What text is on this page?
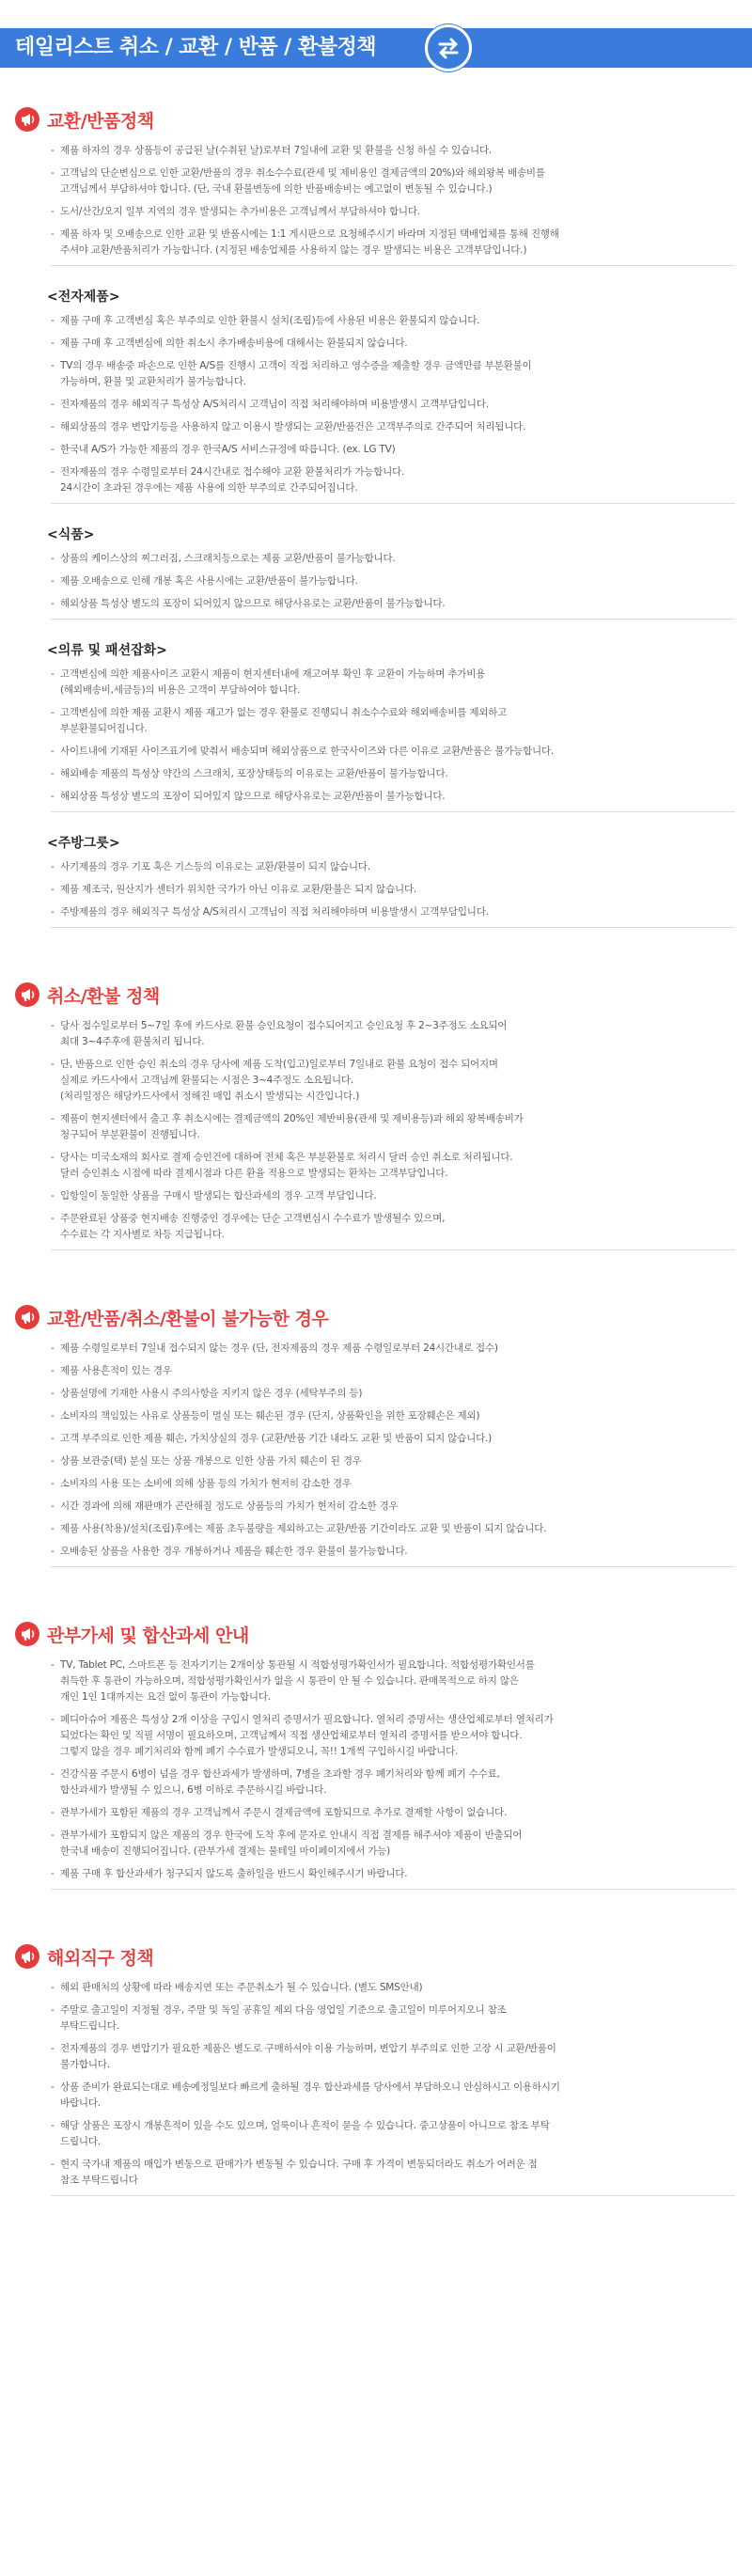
테일리스트 취소 / 교환 / 반품 / 환불정책
교환/반품정책
- 제품 하자의 경우 상품등이 공급된 날(수취된 날)로부터 7일내에 교환 및 환불을 신청 하실 수 있습니다.
- 고객님의 단순변심으로 인한 교환/반품의 경우 취소수수료(관세 및 제비용인 결제금액의 20%)와 해외왕복 배송비를
고객님께서 부담하셔야 합니다. (단, 국내 환불변동에 의한 반품배송비는 예고없이 변동될 수 있습니다.)
- 도서/산간/오지 일부 지역의 경우 발생되는 추가비용은 고객님께서 부담하셔야 합니다.
- 제품 하자 및 오배송으로 인한 교환 및 반품시에는 1:1 게시판으로 요청해주시기 바라며 지정된 택배업체를 통해 진행해
주셔야 교환/반품처리가 가능합니다. (지정된 배송업체를 사용하지 않는 경우 발생되는 비용은 고객부담입니다.)
<전자제품>
- 제품 구매 후 고객변심 혹은 부주의로 인한 환불시 설치(조립)등에 사용된 비용은 환불되지 않습니다.
- 제품 구매 후 고객변심에 의한 취소시 추가배송비용에 대해서는 환불되지 않습니다.
- TV의 경우 배송중 파손으로 인한 A/S를 진행시 고객이 직접 처리하고 영수증을 제출할 경우 금액만큼 부분환불이
가능하며, 환불 및 교환처리가 불가능합니다.
- 전자제품의 경우 해외직구 특성상 A/S처리시 고객님이 직접 처리해야하며 비용발생시 고객부담입니다.
- 해외상품의 경우 변압기등을 사용하지 않고 이용시 발생되는 교환/반품건은 고객부주의로 간주되어 처리됩니다.
- 한국내 A/S가 가능한 제품의 경우 한국A/S 서비스규정에 따릅니다. (ex. LG TV)
- 전자제품의 경우 수령일로부터 24시간내로 접수해야 교환 환불처리가 가능합니다.
24시간이 초과된 경우에는 제품 사용에 의한 부주의로 간주되어집니다.
<식품>
- 상품의 케이스상의 찌그러짐, 스크래치등으로는 제품 교환/반품이 불가능합니다.
- 제품 오배송으로 인해 개봉 혹은 사용시에는 교환/반품이 불가능합니다.
- 해외상품 특성상 별도의 포장이 되어있지 않으므로 해당사유로는 교환/반품이 불가능합니다.
<의류 및 패션잡화>
- 고객변심에 의한 제품사이즈 교환시 제품이 현지센터내에 재고여부 확인 후 교환이 가능하며 추가비용
(해외배송비,세금등)의 비용은 고객이 부담하여야 합니다.
- 고객변심에 의한 제품 교환시 제품 재고가 없는 경우 환불로 진행되니 취소수수료와 해외배송비를 제외하고
부분환불되어집니다.
- 사이트내에 기재된 사이즈표기에 맞춰서 배송되며 해외상품으로 한국사이즈와 다른 이유로 교환/반품은 불가능합니다.
- 해외배송 제품의 특성상 약간의 스크래치, 포장상태등의 이유로는 교환/반품이 불가능합니다.
- 해외상품 특성상 별도의 포장이 되어있지 않으므로 해당사유로는 교환/반품이 불가능합니다.
<주방그릇>
- 사기제품의 경우 기포 혹은 기스등의 이유로는 교환/환불이 되지 않습니다.
- 제품 제조국, 원산지가 센터가 위치한 국가가 아닌 이유로 교환/환불은 되지 않습니다.
- 주방제품의 경우 해외직구 특성상 A/S처리시 고객님이 직접 처리해야하며 비용발생시 고객부담입니다.
취소/환불 정책
- 당사 접수일로부터 5~7일 후에 카드사로 환불 승인요청이 접수되어지고 승인요청 후 2~3주정도 소요되어
최대 3~4주후에 환불처리 됩니다.
- 단, 반품으로 인한 승인 취소의 경우 당사에 제품 도착(입고)일로부터 7일내로 환불 요청이 접수 되어지며
실제로 카드사에서 고객님께 환불되는 시점은 3~4주정도 소요됩니다.
(처리일정은 해당카드사에서 정해진 매입 취소시 발생되는 시간입니다.)
- 제품이 현지센터에서 출고 후 취소시에는 결제금액의 20%인 제반비용(관세 및 제비용등)과 해외 왕복배송비가
청구되어 부분환불이 진행됩니다.
- 당사는 미국소재의 회사로 결제 승인건에 대하여 전체 혹은 부분환불로 처리시 달러 승인 취소로 처리됩니다.
달러 승인취소 시점에 따라 결제시점과 다른 환율 적용으로 발생되는 환차는 고객부담입니다.
- 입항일이 동일한 상품을 구매시 발생되는 합산과세의 경우 고객 부담입니다.
- 주문완료된 상품중 현지배송 진행중인 경우에는 단순 고객변심시 수수료가 발생될수 있으며,
수수료는 각 지사별로 차등 지급됩니다.
교환/반품/취소/환불이 불가능한 경우
- 제품 수령일로부터 7일내 접수되지 않는 경우 (단, 전자제품의 경우 제품 수령일로부터 24시간내로 접수)
- 제품 사용흔적이 있는 경우
- 상품설명에 기재한 사용시 주의사항을 지키지 않은 경우 (세탁부주의 등)
- 소비자의 책임있는 사유로 상품등이 멸실 또는 훼손된 경우 (단지, 상품확인을 위한 포장훼손은 제외)
- 고객 부주의로 인한 제품 훼손, 가치상실의 경우 (교환/반품 기간 내라도 교환 및 반품이 되지 않습니다.)
- 상품 보관중(택) 분실 또는 상품 개봉으로 인한 상품 가치 훼손이 된 경우
- 소비자의 사용 또는 소비에 의해 상품 등의 가치가 현저히 감소한 경우
- 시간 경과에 의해 재판매가 곤란해질 정도로 상품등의 가치가 현저히 감소한 경우
- 제품 사용(착용)/설치(조립)후에는 제품 초두불량을 제외하고는 교환/반품 기간이라도 교환 및 반품이 되지 않습니다.
- 오배송된 상품을 사용한 경우 개봉하거나 제품을 훼손한 경우 환불이 불가능합니다.
관부가세 및 합산과세 안내
- TV, Tablet PC, 스마트폰 등 전자기기는 2개이상 통관될 시 적합성평가확인서가 필요합니다. 적합성평가확인서를
취득한 후 통관이 가능하오며, 적합성평가확인서가 없을 시 통관이 안 될 수 있습니다. 판매목적으로 하지 않은
개인 1인 1대까지는 요건 없이 통관이 가능합니다.
- 페디아슈어 제품은 특성상 2개 이상을 구입시 열처리 증명서가 필요합니다. 열처리 증명서는 생산업체로부터 열처리가
되었다는 확인 및 직필 서명이 필요하오며, 고객님께서 직접 생산업체로부터 열처리 증명서를 받으셔야 합니다.
그렇지 않을 경우 폐기처리와 함께 폐기 수수료가 발생되오니, 꼭!! 1개씩 구입하시길 바랍니다.
- 건강식품 주문시 6병이 넘을 경우 합산과세가 발생하며, 7병을 초과할 경우 폐기처리와 함께 폐기 수수료,
합산과세가 발생될 수 있으니, 6병 이하로 주문하시길 바랍니다.
- 관부가세가 포함된 제품의 경우 고객님께서 주문시 결제금액에 포함되므로 추가로 결제할 사항이 없습니다.
- 관부가세가 포함되지 않은 제품의 경우 한국에 도착 후에 문자로 안내시 직접 결제를 해주셔야 제품이 반출되어
한국내 배송이 진행되어집니다. (관부가세 결제는 물테일 마이페이지에서 가능)
- 제품 구매 후 합산과세가 청구되지 않도록 출하일을 반드시 확인해주시기 바랍니다.
해외직구 정책
- 해외 판매처의 상황에 따라 배송지연 또는 주문취소가 될 수 있습니다. (별도 SMS안내)
- 주말로 출고일이 지정될 경우, 주말 및 독일 공휴일 제외 다음 영업일 기준으로 출고일이 미루어지오니 참조
부탁드립니다.
- 전자제품의 경우 변압기가 필요한 제품은 별도로 구매하셔야 이용 가능하며, 변압기 부주의로 인한 고장 시 교환/반품이
불가합니다.
- 상품 준비가 완료되는대로 배송예정일보다 빠르게 출하될 경우 합산과세를 당사에서 부담하오니 안심하시고 이용하시기
바랍니다.
- 해당 상품은 포장시 개봉흔적이 있을 수도 있으며, 얼룩이나 흔적이 묻을 수 있습니다. 중고상품이 아니므로 참조 부탁
드립니다.
- 현지 국가내 제품의 매입가 변동으로 판매가가 변동될 수 있습니다. 구매 후 가격이 변동되더라도 취소가 어려운 점
참조 부탁드립니다
